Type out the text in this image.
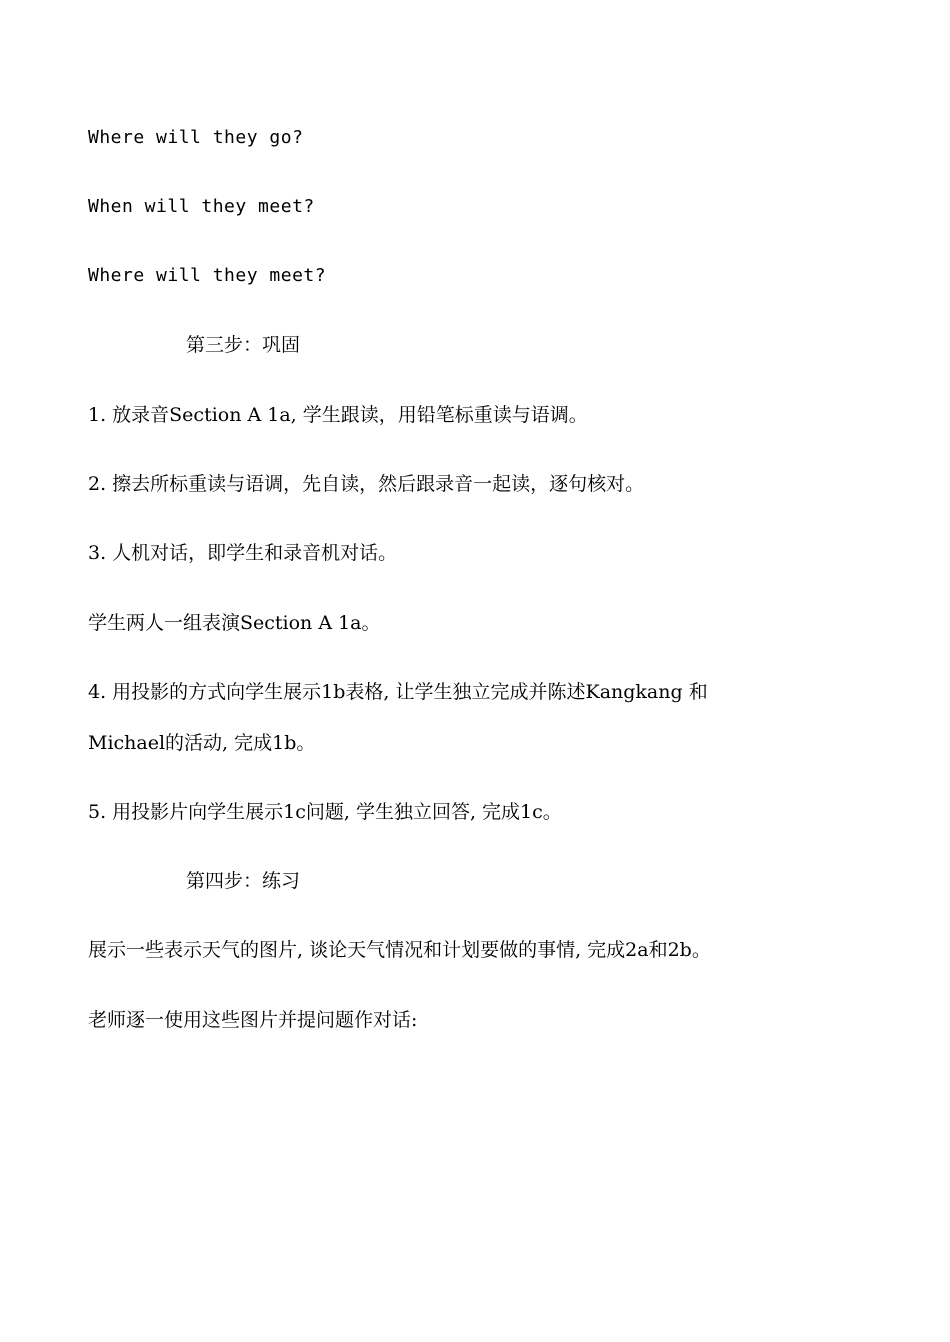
Where will they go?
When will they meet?
Where will they meet?
第三步：巩固
1. 放录音Section A 1a, 学生跟读，用铅笔标重读与语调。
2. 擦去所标重读与语调，先自读，然后跟录音一起读，逐句核对。
3. 人机对话，即学生和录音机对话。
学生两人一组表演Section A 1a。
4. 用投影的方式向学生展示1b表格, 让学生独立完成并陈述Kangkang 和
Michael的活动, 完成1b。
5. 用投影片向学生展示1c问题, 学生独立回答, 完成1c。
第四步：练习
展示一些表示天气的图片, 谈论天气情况和计划要做的事情, 完成2a和2b。
老师逐一使用这些图片并提问题作对话:
